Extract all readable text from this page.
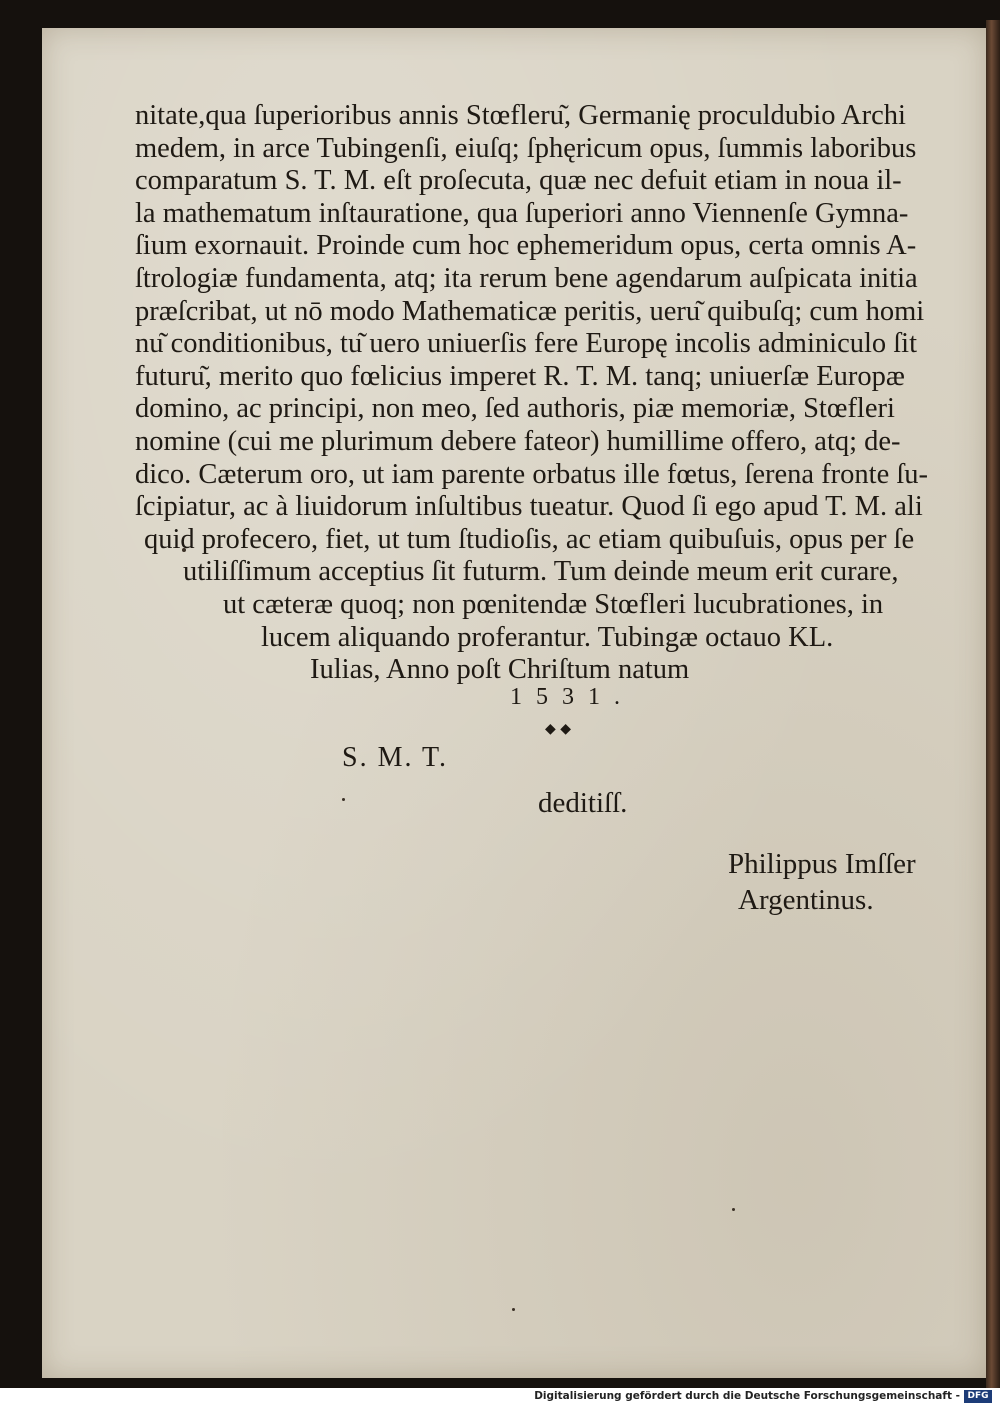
nitate,qua ſuperioribus annis Stœfleru͂, Germanię proculdubio Archi
medem, in arce Tubingenſi, eiuſq; ſphęricum opus, ſummis laboribus
comparatum S. T. M. eſt proſecuta, quæ nec defuit etiam in noua il-
la mathematum inſtauratione, qua ſuperiori anno Viennenſe Gymna-
ſium exornauit. Proinde cum hoc ephemeridum opus, certa omnis A-
ſtrologiæ fundamenta, atq; ita rerum bene agendarum auſpicata initia
præſcribat, ut nō modo Mathematicæ peritis, ueru͂ quibuſq; cum homi
nu͂ conditionibus, tu͂ uero uniuerſis fere Europę incolis adminiculo ſit
futuru͂, merito quo fœlicius imperet R. T. M. tanq; uniuerſæ Europæ
domino, ac principi, non meo, ſed authoris, piæ memoriæ, Stœfleri
nomine (cui me plurimum debere fateor) humillime offero, atq; de-
dico. Cæterum oro, ut iam parente orbatus ille fœtus, ſerena fronte ſu-
ſcipiatur, ac à liuidorum inſultibus tueatur. Quod ſi ego apud T. M. ali
quid profecero, fiet, ut tum ſtudioſis, ac etiam quibuſuis, opus per ſe
utiliſſimum acceptius ſit futurm. Tum deinde meum erit curare,
ut cæteræ quoq; non pœnitendæ Stœfleri lucubrationes, in
lucem aliquando proferantur. Tubingæ octauo KL.
Iulias, Anno poſt Chriſtum natum
1531.
◆ ◆
S. M. T.
deditiſſ.
Philippus Imſſer
Argentinus.
Digitalisierung gefördert durch die Deutsche Forschungsgemeinschaft - DFG
